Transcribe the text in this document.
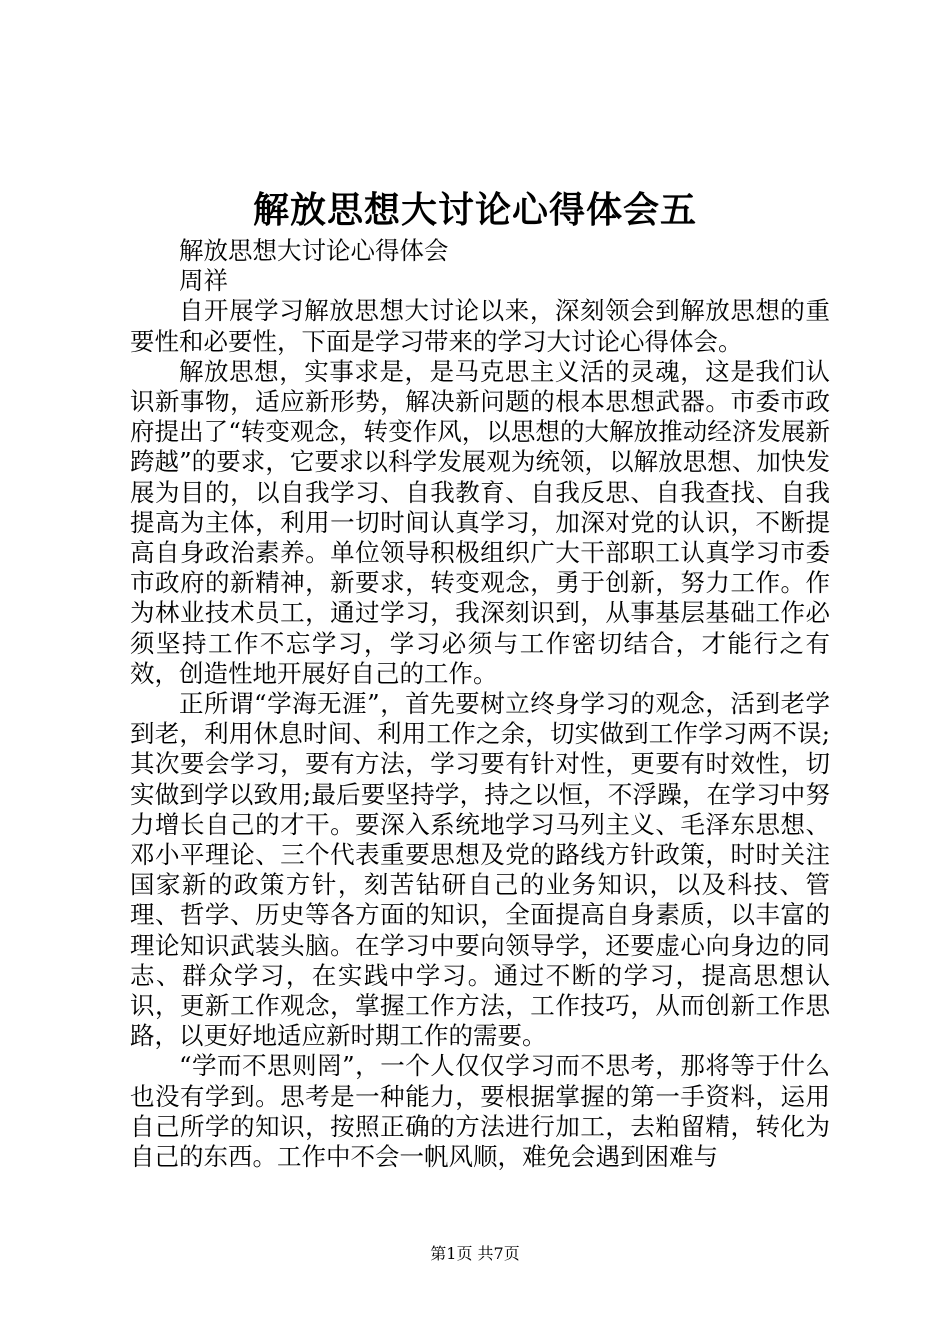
解放思想大讨论心得体会五

解放思想大讨论心得体会

周祥

自开展学习解放思想大讨论以来，深刻领会到解放思想的重要性和必要性，下面是学习带来的学习大讨论心得体会。

解放思想，实事求是，是马克思主义活的灵魂，这是我们认识新事物，适应新形势，解决新问题的根本思想武器。市委市政府提出了“转变观念，转变作风，以思想的大解放推动经济发展新跨越”的要求，它要求以科学发展观为统领，以解放思想、加快发展为目的，以自我学习、自我教育、自我反思、自我查找、自我提高为主体，利用一切时间认真学习，加深对党的认识，不断提高自身政治素养。单位领导积极组织广大干部职工认真学习市委市政府的新精神，新要求，转变观念，勇于创新，努力工作。作为林业技术员工，通过学习，我深刻识到，从事基层基础工作必须坚持工作不忘学习，学习必须与工作密切结合，才能行之有效，创造性地开展好自己的工作。

正所谓“学海无涯”，首先要树立终身学习的观念，活到老学到老，利用休息时间、利用工作之余，切实做到工作学习两不误;其次要会学习，要有方法，学习要有针对性，更要有时效性，切实做到学以致用;最后要坚持学，持之以恒，不浮躁，在学习中努力增长自己的才干。要深入系统地学习马列主义、毛泽东思想、邓小平理论、三个代表重要思想及党的路线方针政策，时时关注国家新的政策方针，刻苦钻研自己的业务知识，以及科技、管理、哲学、历史等各方面的知识，全面提高自身素质，以丰富的理论知识武装头脑。在学习中要向领导学，还要虚心向身边的同志、群众学习，在实践中学习。通过不断的学习，提高思想认识，更新工作观念，掌握工作方法，工作技巧，从而创新工作思路，以更好地适应新时期工作的需要。

“学而不思则罔”，一个人仅仅学习而不思考，那将等于什么也没有学到。思考是一种能力，要根据掌握的第一手资料，运用自己所学的知识，按照正确的方法进行加工，去粕留精，转化为自己的东西。工作中不会一帆风顺，难免会遇到困难与

第1页 共7页
